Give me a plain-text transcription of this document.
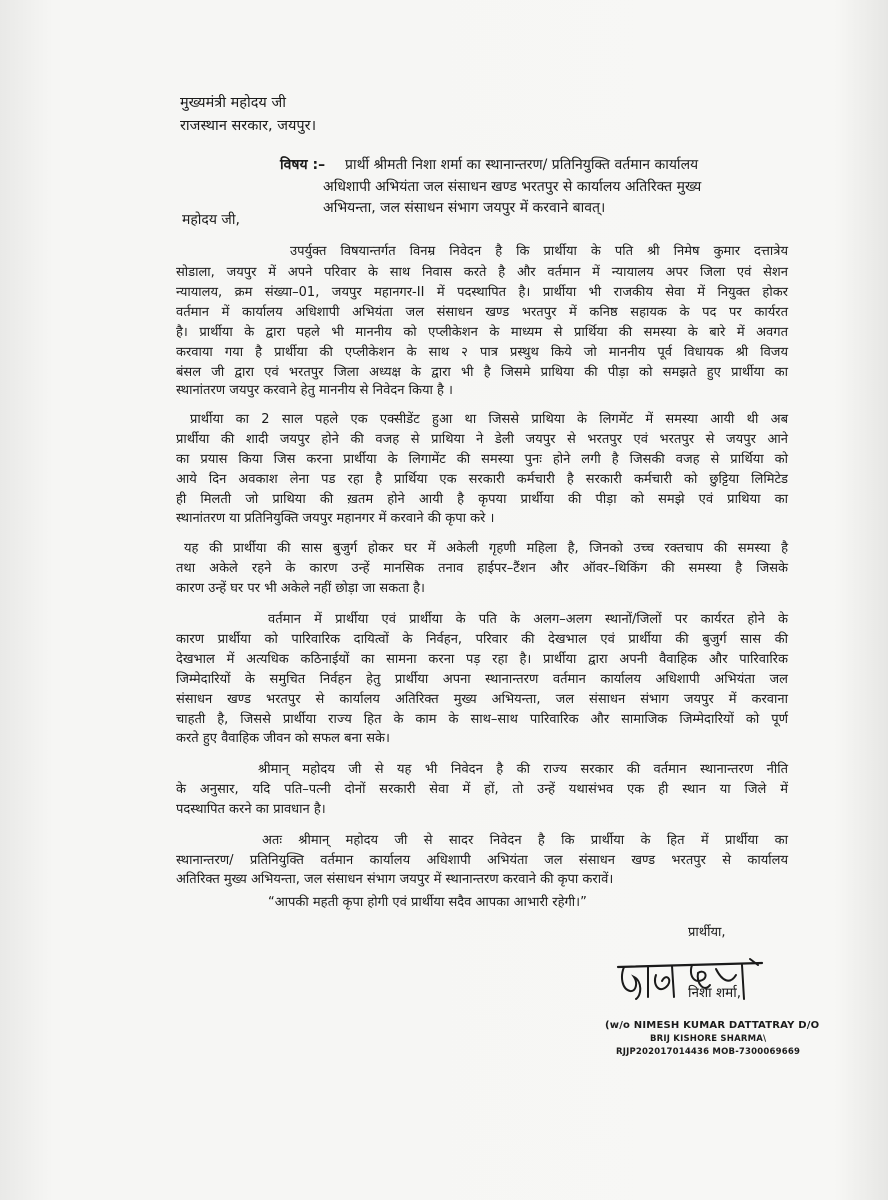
मुख्यमंत्री महोदय जी
राजस्थान सरकार, जयपुर।
विषय :– प्रार्थी श्रीमती निशा शर्मा का स्थानान्तरण/ प्रतिनियुक्ति वर्तमान कार्यालय
अधिशापी अभियंता जल संसाधन खण्ड भरतपुर से कार्यालय अतिरिक्त मुख्य
अभियन्ता, जल संसाधन संभाग जयपुर में करवाने बावत्।
महोदय जी,
उपर्युक्त विषयान्तर्गत विनम्र निवेदन है कि प्रार्थीया के पति श्री निमेष कुमार दत्तात्रेय
सोडाला, जयपुर में अपने परिवार के साथ निवास करते है और वर्तमान में न्यायालय अपर जिला एवं सेशन
न्यायालय, क्रम संख्या–01, जयपुर महानगर-II में पदस्थापित है। प्रार्थीया भी राजकीय सेवा में नियुक्त होकर
वर्तमान में कार्यालय अधिशापी अभियंता जल संसाधन खण्ड भरतपुर में कनिष्ठ सहायक के पद पर कार्यरत
है। प्रार्थीया के द्वारा पहले भी माननीय को एप्लीकेशन के माध्यम से प्रार्थिया की समस्या के बारे में अवगत
करवाया गया है प्रार्थीया की एप्लीकेशन के साथ २ पात्र प्रस्थुथ किये जो माननीय पूर्व विधायक श्री विजय
बंसल जी द्वारा एवं भरतपुर जिला अध्यक्ष के द्वारा भी है जिसमे प्राथिया की पीड़ा को समझते हुए प्रार्थीया का
स्थानांतरण जयपुर करवाने हेतु माननीय से निवेदन किया है ।
प्रार्थीया का 2 साल पहले एक एक्सीडेंट हुआ था जिससे प्राथिया के लिगमेंट में समस्या आयी थी अब
प्रार्थीया की शादी जयपुर होने की वजह से प्राथिया ने डेली जयपुर से भरतपुर एवं भरतपुर से जयपुर आने
का प्रयास किया जिस करना प्रार्थीया के लिगामेंट की समस्या पुनः होने लगी है जिसकी वजह से प्रार्थिया को
आये दिन अवकाश लेना पड रहा है प्रार्थिया एक सरकारी कर्मचारी है सरकारी कर्मचारी को छुट्टिया लिमिटेड
ही मिलती जो प्राथिया की ख़तम होने आयी है कृपया प्रार्थीया की पीड़ा को समझे एवं प्राथिया का
स्थानांतरण या प्रतिनियुक्ति जयपुर महानगर में करवाने की कृपा करे ।
यह की प्रार्थीया की सास बुजुर्ग होकर घर में अकेली गृहणी महिला है, जिनको उच्च रक्तचाप की समस्या है
तथा अकेले रहने के कारण उन्हें मानसिक तनाव हाईपर–टैंशन और ऑवर–थिकिंग की समस्या है जिसके
कारण उन्हें घर पर भी अकेले नहीं छोड़ा जा सकता है।
वर्तमान में प्रार्थीया एवं प्रार्थीया के पति के अलग–अलग स्थानों/जिलों पर कार्यरत होने के
कारण प्रार्थीया को पारिवारिक दायित्वों के निर्वहन, परिवार की देखभाल एवं प्रार्थीया की बुजुर्ग सास की
देखभाल में अत्यधिक कठिनाईयों का सामना करना पड़ रहा है। प्रार्थीया द्वारा अपनी वैवाहिक और पारिवारिक
जिम्मेदारियों के समुचित निर्वहन हेतु प्रार्थीया अपना स्थानान्तरण वर्तमान कार्यालय अधिशापी अभियंता जल
संसाधन खण्ड भरतपुर से कार्यालय अतिरिक्त मुख्य अभियन्ता, जल संसाधन संभाग जयपुर में करवाना
चाहती है, जिससे प्रार्थीया राज्य हित के काम के साथ–साथ पारिवारिक और सामाजिक जिम्मेदारियों को पूर्ण
करते हुए वैवाहिक जीवन को सफल बना सके।
श्रीमान् महोदय जी से यह भी निवेदन है की राज्य सरकार की वर्तमान स्थानान्तरण नीति
के अनुसार, यदि पति–पत्नी दोनों सरकारी सेवा में हों, तो उन्हें यथासंभव एक ही स्थान या जिले में
पदस्थापित करने का प्रावधान है।
अतः श्रीमान् महोदय जी से सादर निवेदन है कि प्रार्थीया के हित में प्रार्थीया का
स्थानान्तरण/ प्रतिनियुक्ति वर्तमान कार्यालय अधिशापी अभियंता जल संसाधन खण्ड भरतपुर से कार्यालय
अतिरिक्त मुख्य अभियन्ता, जल संसाधन संभाग जयपुर में स्थानान्तरण करवाने की कृपा करावें।
“आपकी महती कृपा होगी एवं प्रार्थीया सदैव आपका आभारी रहेगी।”
प्रार्थीया,
निशा शर्मा,
(w/o NIMESH KUMAR DATTATRAY D/O
BRIJ KISHORE SHARMA\
RJJP202017014436 MOB-7300069669
